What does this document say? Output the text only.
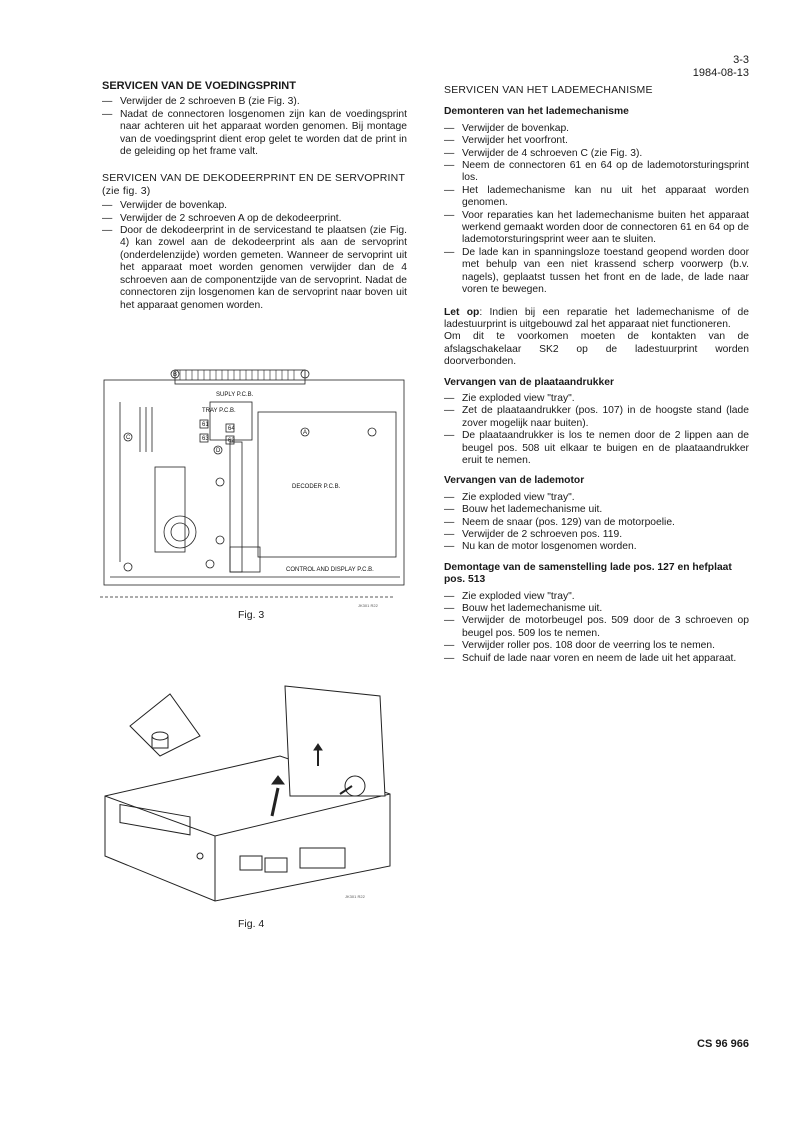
3-3
1984-08-13
SERVICEN VAN DE VOEDINGSPRINT
— Verwijder de 2 schroeven B (zie Fig. 3).
— Nadat de connectoren losgenomen zijn kan de voedingsprint naar achteren uit het apparaat worden genomen. Bij montage van de voedingsprint dient erop gelet te worden dat de print in de geleiding op het frame valt.
SERVICEN VAN DE DEKODEERPRINT EN DE SERVOPRINT (zie fig. 3)
— Verwijder de bovenkap.
— Verwijder de 2 schroeven A op de dekodeerprint.
— Door de dekodeerprint in de servicestand te plaatsen (zie Fig. 4) kan zowel aan de dekodeerprint als aan de servoprint (onderdelenzijde) worden gemeten. Wanneer de servoprint uit het apparaat moet worden genomen verwijder dan de 4 schroeven aan de componentzijde van de servoprint. Nadat de connectoren zijn losgenomen kan de servoprint naar boven uit het apparaat genomen worden.
SUPLY P.C.B.
TRAY P.C.B.
DECODER P.C.B.
CONTROL AND DISPLAY P.C.B.
61
64
63	62
A
B
C
D
JK301 R22
Fig. 3
JK301 R22
Fig. 4
SERVICEN VAN HET LADEMECHANISME
Demonteren van het lademechanisme
— Verwijder de bovenkap.
— Verwijder het voorfront.
— Verwijder de 4 schroeven C (zie Fig. 3).
— Neem de connectoren 61 en 64 op de lademotorsturingsprint los.
— Het lademechanisme kan nu uit het apparaat worden genomen.
— Voor reparaties kan het lademechanisme buiten het apparaat werkend gemaakt worden door de connectoren 61 en 64 op de lademotorsturingsprint weer aan te sluiten.
— De lade kan in spanningsloze toestand geopend worden door met behulp van een niet krassend scherp voorwerp (b.v. nagels), geplaatst tussen het front en de lade, de lade naar voren te bewegen.

Let op: Indien bij een reparatie het lademechanisme of de ladestuurprint is uitgebouwd zal het apparaat niet functioneren.

Om dit te voorkomen moeten de kontakten van de afslagschakelaar SK2 op de ladestuurprint worden doorverbonden.

Vervangen van de plaataandrukker
— Zie exploded view "tray".
— Zet de plaataandrukker (pos. 107) in de hoogste stand (lade zover mogelijk naar buiten).
— De plaataandrukker is los te nemen door de 2 lippen aan de beugel pos. 508 uit elkaar te buigen en de plaataandrukker eruit te nemen.
Vervangen van de lademotor
— Zie exploded view "tray".
— Bouw het lademechanisme uit.
— Neem de snaar (pos. 129) van de motorpoelie.
— Verwijder de 2 schroeven pos. 119.
— Nu kan de motor losgenomen worden.
Demontage van de samenstelling lade pos. 127 en hefplaat pos. 513
— Zie exploded view "tray".
— Bouw het lademechanisme uit.
— Verwijder de motorbeugel pos. 509 door de 3 schroeven op beugel pos. 509 los te nemen.
— Verwijder roller pos. 108 door de veerring los te nemen.
— Schuif de lade naar voren en neem de lade uit het apparaat.
CS 96 966
